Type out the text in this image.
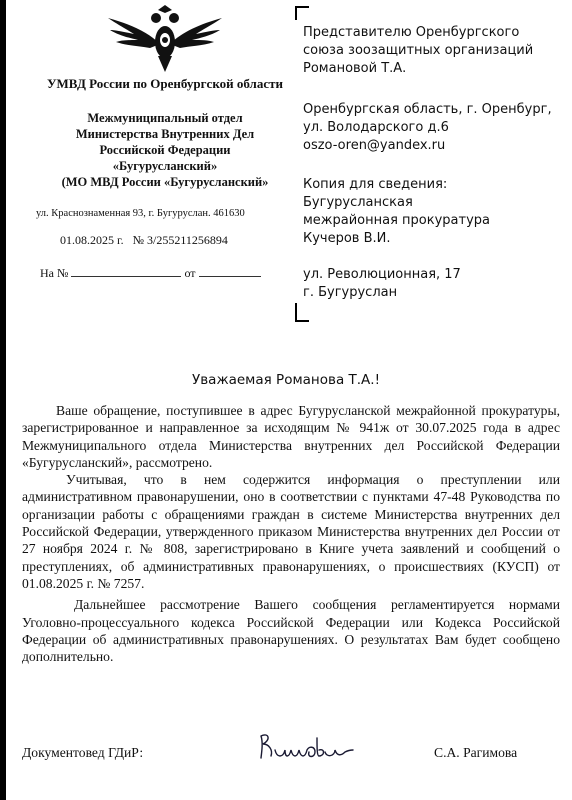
УМВД России по Оренбургской области
Межмуниципальный отдел
Министерства Внутренних Дел
Российской Федерации
«Бугурусланский»
(МО МВД России «Бугурусланский»
ул. Краснознаменная 93, г. Бугуруслан. 461630
01.08.2025 г. № 3/255211256894
На №	от
Представителю Оренбургского
союза зоозащитных организаций
Романовой Т.А.
Оренбургская область, г. Оренбург,
ул. Володарского д.6
oszo-oren@yandex.ru
Копия для сведения:
Бугурусланская
межрайонная прокуратура
Кучеров В.И.
ул. Революционная, 17
г. Бугуруслан
Уважаемая Романова Т.А.!

Ваше обращение, поступившее в адрес Бугурусланской межрайонной прокуратуры, зарегистрированное и направленное за исходящим № 941ж от 30.07.2025 года в адрес Межмуниципального отдела Министерства внутренних дел Российской Федерации «Бугурусланский», рассмотрено.

Учитывая, что в нем содержится информация о преступлении или административном правонарушении, оно в соответствии с пунктами 47-48 Руководства по организации работы с обращениями граждан в системе Министерства внутренних дел Российской Федерации, утвержденного приказом Министерства внутренних дел России от 27 ноября 2024 г. № 808, зарегистрировано в Книге учета заявлений и сообщений о преступлениях, об административных правонарушениях, о происшествиях (КУСП) от 01.08.2025 г. № 7257.

Дальнейшее рассмотрение Вашего сообщения регламентируется нормами Уголовно-процессуального кодекса Российской Федерации или Кодекса Российской Федерации об административных правонарушениях. О результатах Вам будет сообщено дополнительно.

Документовед ГДиР:	С.А. Рагимова
